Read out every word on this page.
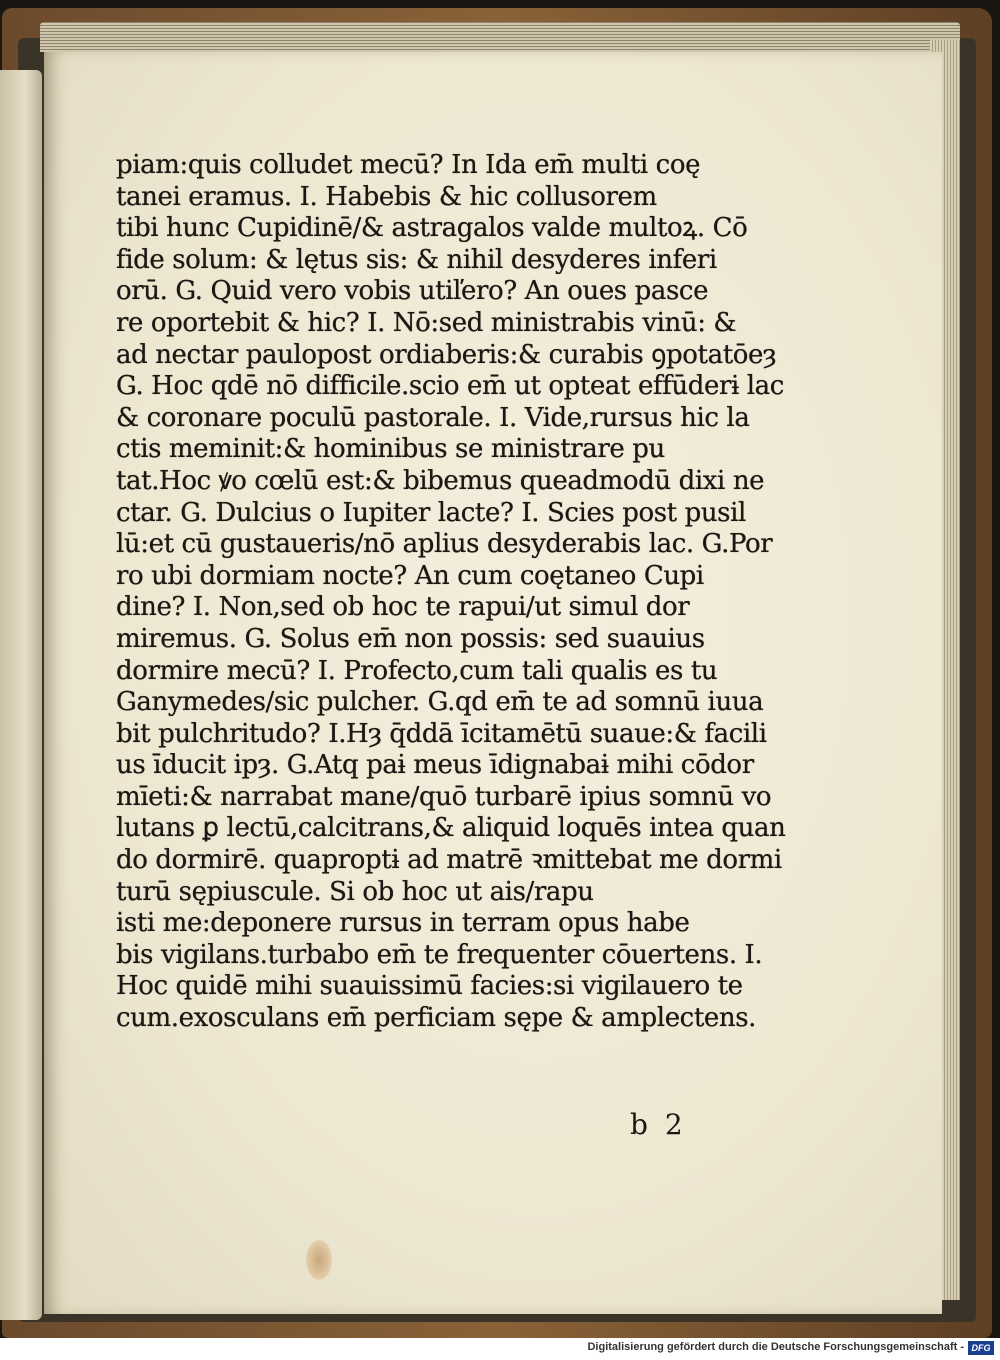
piam:quis colludet mecū? In Ida em̄ multi coę
tanei eramus. I. Habebis & hic collusorem
tibi hunc Cupidinē/& astragalos valde multoꝝ. Cō
fide solum: & lętus sis: & nihil desyderes inferi
orū. G. Quid vero vobis utiľero? An oues pasce
re oportebit & hic? I. Nō:sed ministrabis vinū: &
ad nectar paulopost ordiaberis:& curabis ꝯpotatōeȝ
G. Hoc qdē nō difficile.scio em̄ ut opteat effūderɨ lac
& coronare poculū pastorale. I. Vide,rursus hic la
ctis meminit:& hominibus se ministrare pu
tat.Hoc ꝟo cœlū est:& bibemus queadmodū dixi ne
ctar. G. Dulcius o Iupiter lacte? I. Scies post pusil
lū:et cū gustaueris/nō aplius desyderabis lac. G.Por
ro ubi dormiam nocte? An cum coętaneo Cupi
dine? I. Non,sed ob hoc te rapui/ut simul dor
miremus. G. Solus em̄ non possis: sed suauius
dormire mecū? I. Profecto,cum tali qualis es tu
Ganymedes/sic pulcher. G.qd em̄ te ad somnū iuua
bit pulchritudo? I.Hȝ q̄ddā īcitamētū suaue:& facili
us īducit ipȝ. G.Atq paɨ meus īdignabaɨ mihi cōdor
mīeti:& narrabat mane/quō turbarē ipius somnū vo
lutans ꝑ lectū,calcitrans,& aliquid loquēs intea quan
do dormirē. quaproptɨ ad matrē ꝛmittebat me dormi
turū sępiuscule. Si ob hoc ut ais/rapu
isti me:deponere rursus in terram opus habe
bis vigilans.turbabo em̄ te frequenter cōuertens. I.
Hoc quidē mihi suauissimū facies:si vigilauero te
cum.exosculans em̄ perficiam sępe & amplectens.
b 2
Digitalisierung gefördert durch die Deutsche Forschungsgemeinschaft - DFG
